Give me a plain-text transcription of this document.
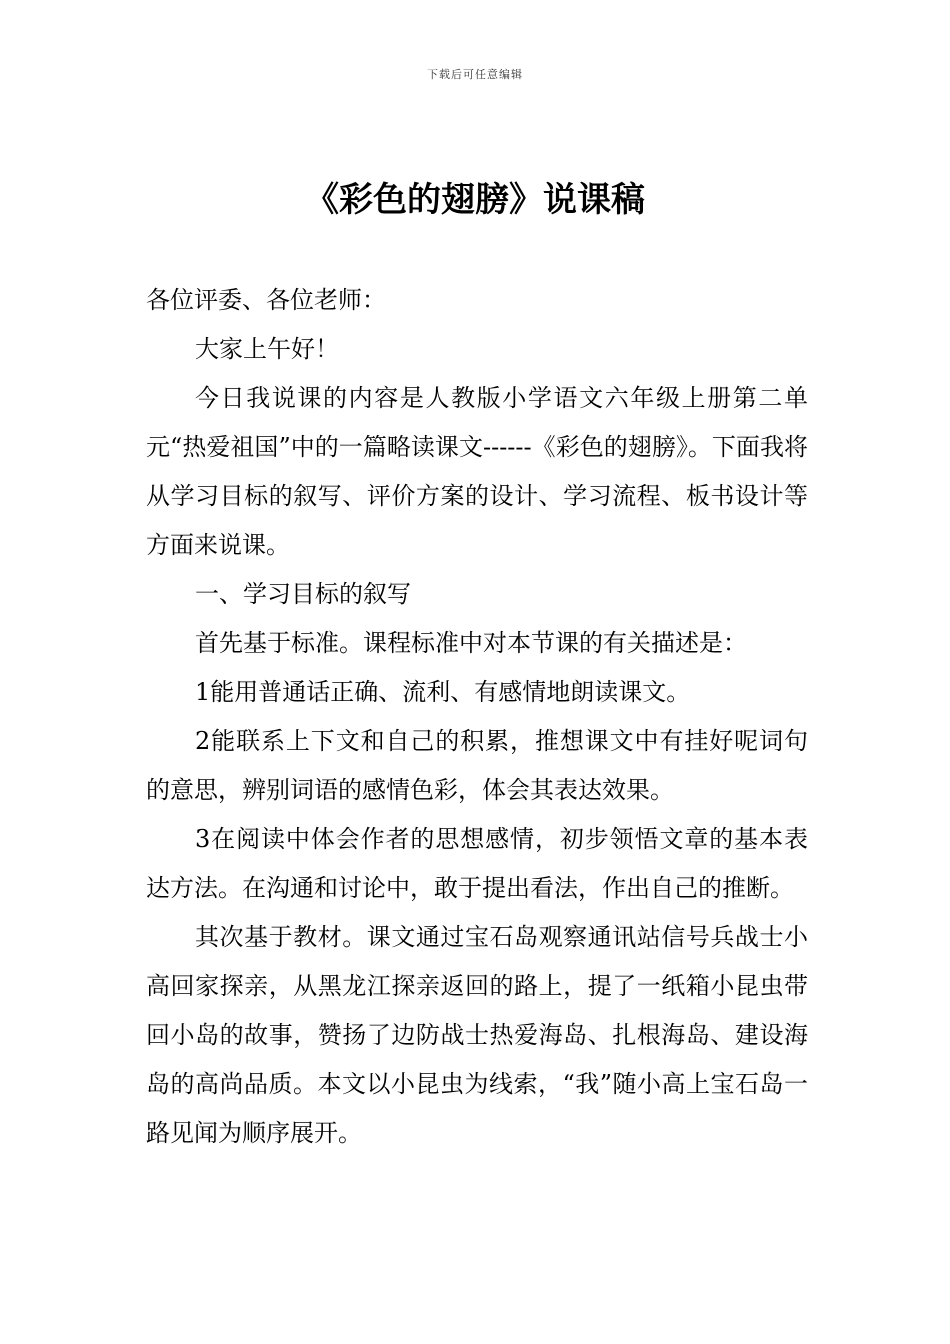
下载后可任意编辑
《彩色的翅膀》说课稿

各位评委、各位老师：

大家上午好！

今日我说课的内容是人教版小学语文六年级上册第二单元“热爱祖国”中的一篇略读课文------《彩色的翅膀》。下面我将从学习目标的叙写、评价方案的设计、学习流程、板书设计等方面来说课。

一、学习目标的叙写

首先基于标准。课程标准中对本节课的有关描述是：

1能用普通话正确、流利、有感情地朗读课文。

2能联系上下文和自己的积累，推想课文中有挂好呢词句的意思，辨别词语的感情色彩，体会其表达效果。

3在阅读中体会作者的思想感情，初步领悟文章的基本表达方法。在沟通和讨论中，敢于提出看法，作出自己的推断。

其次基于教材。课文通过宝石岛观察通讯站信号兵战士小高回家探亲，从黑龙江探亲返回的路上，提了一纸箱小昆虫带回小岛的故事，赞扬了边防战士热爱海岛、扎根海岛、建设海岛的高尚品质。本文以小昆虫为线索，“我”随小高上宝石岛一路见闻为顺序展开。
